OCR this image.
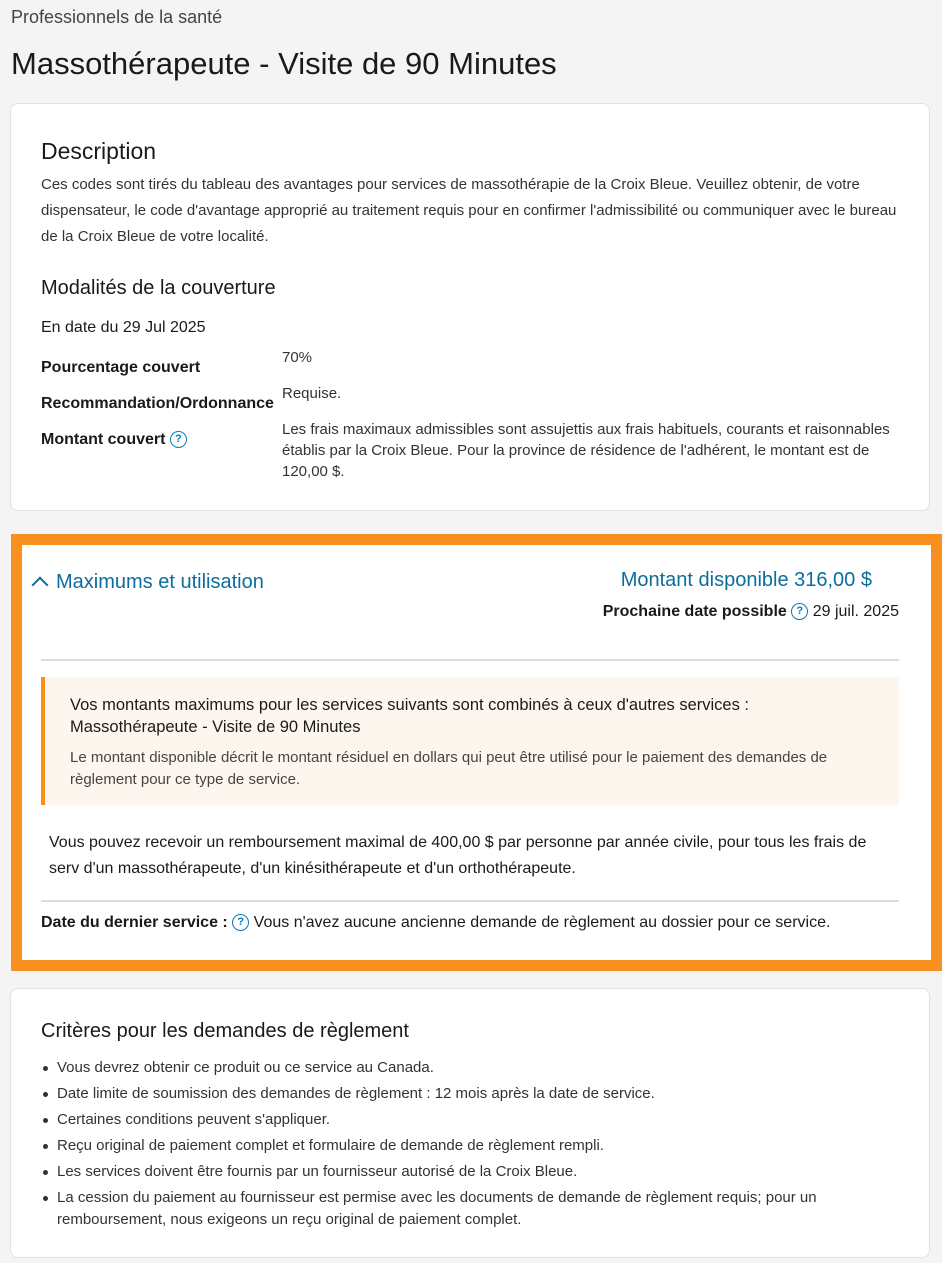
Professionnels de la santé
Massothérapeute - Visite de 90 Minutes
Description
Ces codes sont tirés du tableau des avantages pour services de massothérapie de la Croix Bleue. Veuillez obtenir, de votre dispensateur, le code d'avantage approprié au traitement requis pour en confirmer l'admissibilité ou communiquer avec le bureau de la Croix Bleue de votre localité.
Modalités de la couverture
En date du 29 Jul 2025
Pourcentage couvert
70%
Recommandation/Ordonnance
Requise.
Montant couvert ?
Les frais maximaux admissibles sont assujettis aux frais habituels, courants et raisonnables établis par la Croix Bleue. Pour la province de résidence de l'adhérent, le montant est de 120,00 $.
Maximums et utilisation	Montant disponible 316,00 $
Prochaine date possible ? 29 juil. 2025
Vos montants maximums pour les services suivants sont combinés à ceux d'autres services : Massothérapeute - Visite de 90 Minutes
Le montant disponible décrit le montant résiduel en dollars qui peut être utilisé pour le paiement des demandes de règlement pour ce type de service.
Vous pouvez recevoir un remboursement maximal de 400,00 $ par personne par année civile, pour tous les frais de serv d'un massothérapeute, d'un kinésithérapeute et d'un orthothérapeute.
Date du dernier service : ? Vous n'avez aucune ancienne demande de règlement au dossier pour ce service.
Critères pour les demandes de règlement
Vous devrez obtenir ce produit ou ce service au Canada.
Date limite de soumission des demandes de règlement : 12 mois après la date de service.
Certaines conditions peuvent s'appliquer.
Reçu original de paiement complet et formulaire de demande de règlement rempli.
Les services doivent être fournis par un fournisseur autorisé de la Croix Bleue.
La cession du paiement au fournisseur est permise avec les documents de demande de règlement requis; pour un remboursement, nous exigeons un reçu original de paiement complet.
